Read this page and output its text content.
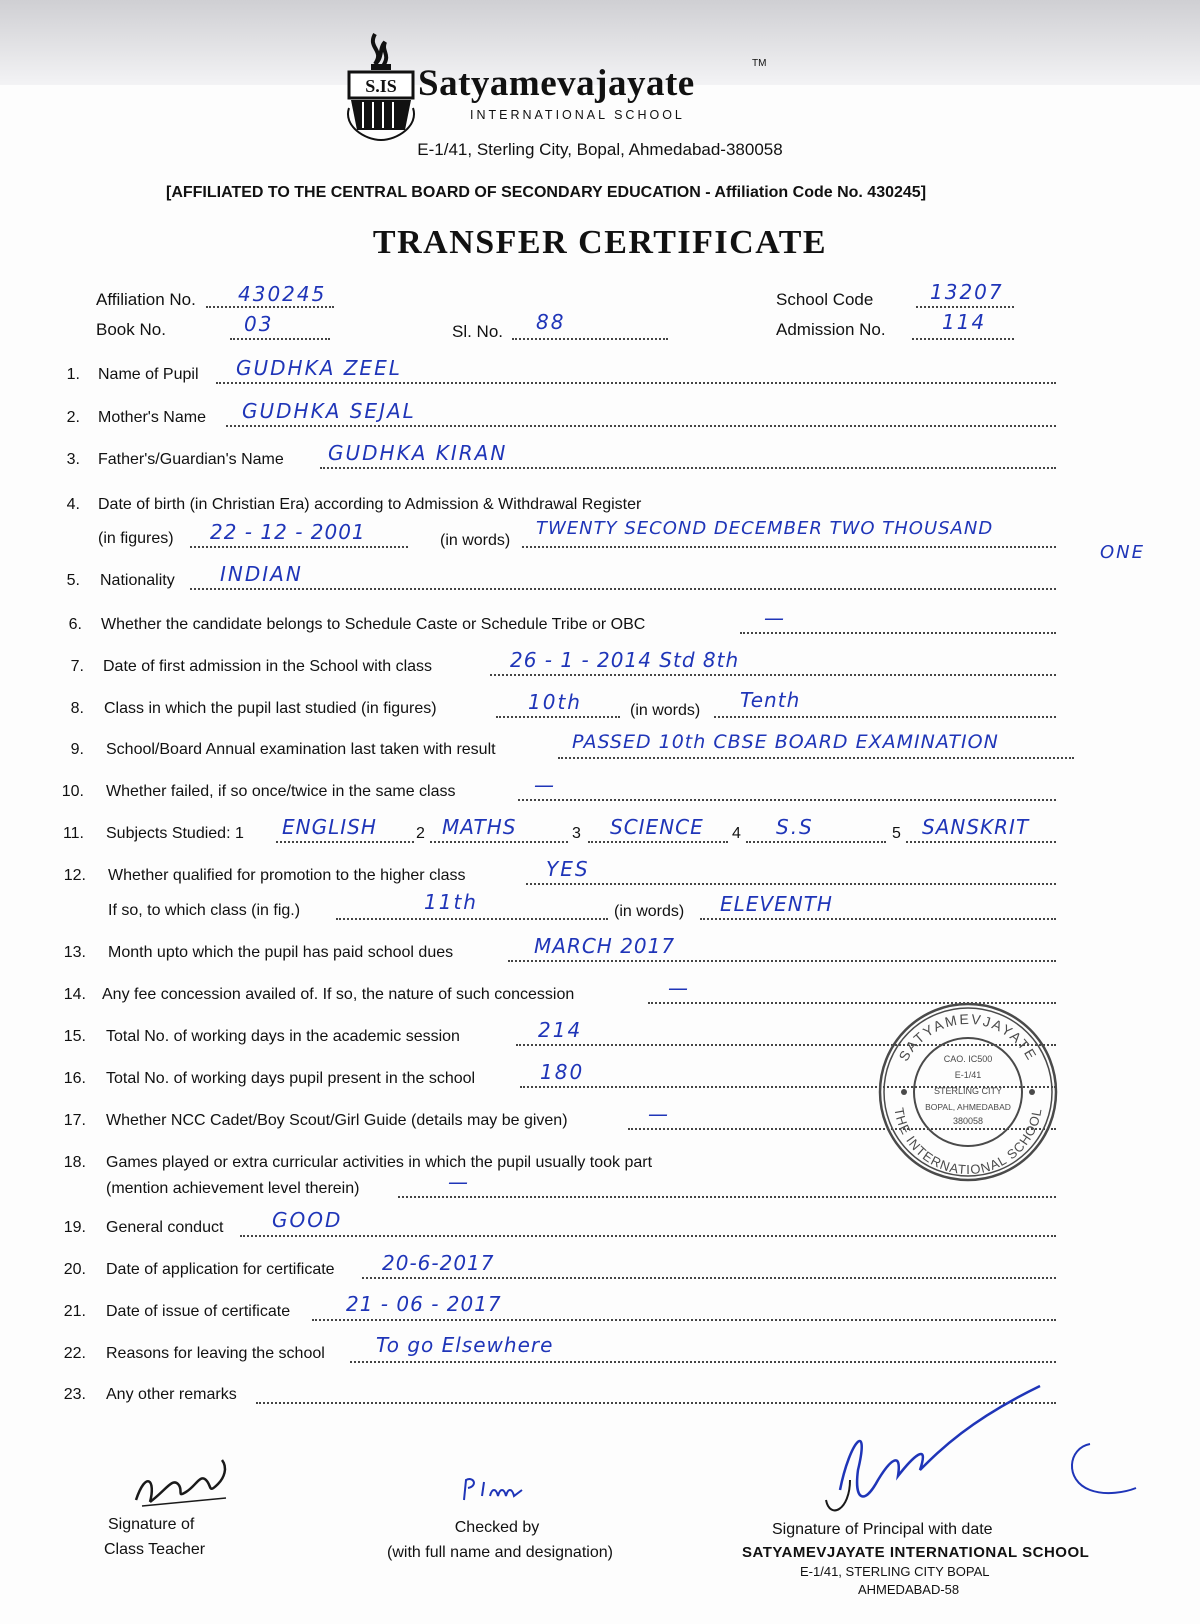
S.IS Satyamevajayate	TM
INTERNATIONAL SCHOOL
E-1/41, Sterling City, Bopal, Ahmedabad-380058
[AFFILIATED TO THE CENTRAL BOARD OF SECONDARY EDUCATION - Affiliation Code No. 430245]
TRANSFER CERTIFICATE
Affiliation No. 430245
Book No.	03	Sl. No. 88
School Code	13207
Admission No.	114
1. Name of Pupil GUDHKA ZEEL
2. Mother's Name GUDHKA SEJAL
3. Father's/Guardian's Name GUDHKA KIRAN
4. Date of birth (in Christian Era) according to Admission & Withdrawal Register
(in figures) 22 - 12 - 2001	(in words)
TWENTY SECOND DECEMBER TWO THOUSAND
ONE
5. Nationality INDIAN
6. Whether the candidate belongs to Schedule Caste or Schedule Tribe or OBC	—
7. Date of first admission in the School with class	26 - 1 - 2014 Std 8th
8. Class in which the pupil last studied (in figures)	10th	(in words) Tenth
9. School/Board Annual examination last taken with result	PASSED 10th CBSE BOARD EXAMINATION
10. Whether failed, if so once/twice in the same class	—
11. Subjects Studied: 1 ENGLISH 2 MATHS	3 SCIENCE 4 S.S	5 SANSKRIT
12. Whether qualified for promotion to the higher class	YES
If so, to which class (in fig.)	11th	(in words) ELEVENTH
13. Month upto which the pupil has paid school dues	MARCH 2017
14. Any fee concession availed of. If so, the nature of such concession	—
15. Total No. of working days in the academic session	214
16. Total No. of working days pupil present in the school	180
17. Whether NCC Cadet/Boy Scout/Girl Guide (details may be given)	—
18. Games played or extra curricular activities in which the pupil usually took part
(mention achievement level therein)	—
19. General conduct GOOD
20. Date of application for certificate 20-6-2017
21. Date of issue of certificate	21 - 06 - 2017
22. Reasons for leaving the school	To go Elsewhere
23. Any other remarks
SATYAMEVJAYATE
THE INTERNATIONAL SCHOOL
CAO. IC500
E-1/41
STERLING CITY
BOPAL, AHMEDABAD
380058
Signature of
Class Teacher
Checked by
(with full name and designation)
Signature of Principal with date
SATYAMEVJAYATE INTERNATIONAL SCHOOL
E-1/41, STERLING CITY BOPAL
AHMEDABAD-58
